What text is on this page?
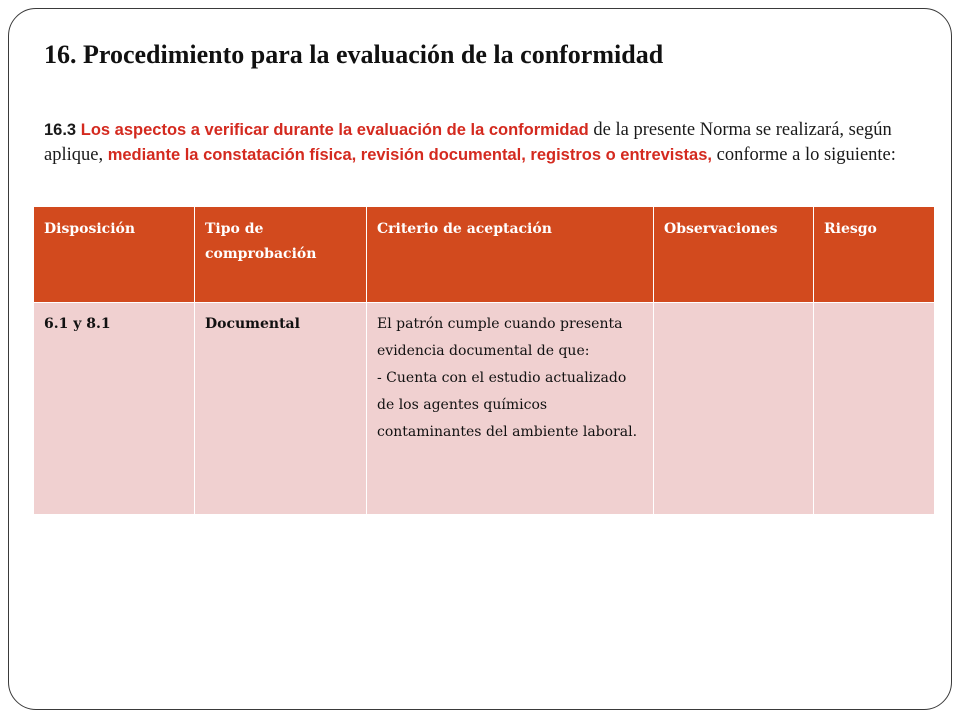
16. Procedimiento para la evaluación de la conformidad

16.3 Los aspectos a verificar durante la evaluación de la conformidad de la presente Norma se realizará, según aplique, mediante la constatación física, revisión documental, registros o entrevistas, conforme a lo siguiente:

Disposición	Tipo de comprobación	Criterio de aceptación	Observaciones	Riesgo
6.1 y 8.1	Documental	El patrón cumple cuando presenta evidencia documental de que:
- Cuenta con el estudio actualizado de los agentes químicos contaminantes del ambiente laboral.		
